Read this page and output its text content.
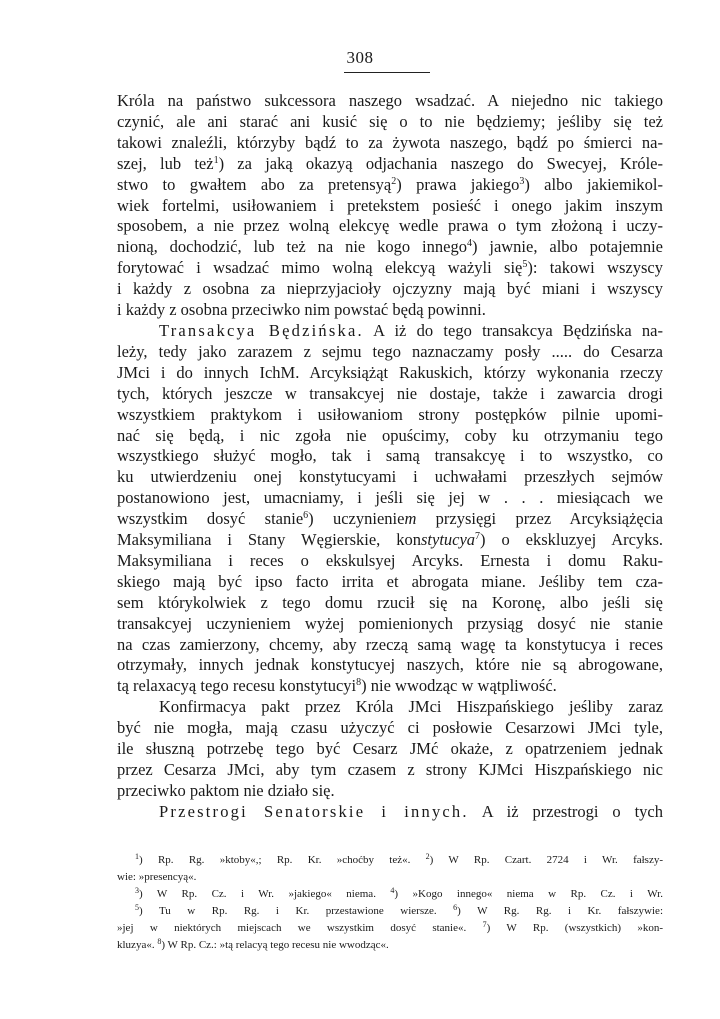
308
Króla na państwo sukcessora naszego wsadzać. A niejedno nic takiego
czynić, ale ani starać ani kusić się o to nie będziemy; jeśliby się też
takowi znaleźli, którzyby bądź to za żywota naszego, bądź po śmierci na-
szej, lub też$^1$) za jaką okazyą odjachania naszego do Swecyej, Króle-
stwo to gwałtem abo za pretensyą$^2$) prawa jakiego$^3$) albo jakiemikol-
wiek fortelmi, usiłowaniem i pretekstem posieść i onego jakim inszym
sposobem, a nie przez wolną elekcyę wedle prawa o tym złożoną i uczy-
nioną, dochodzić, lub też na nie kogo innego$^4$) jawnie, albo potajemnie
forytować i wsadzać mimo wolną elekcyą ważyli się$^5$): takowi wszyscy
i każdy z osobna za nieprzyjacioły ojczyzny mają być miani i wszyscy
i każdy z osobna przeciwko nim powstać będą powinni.
Transakcya Będzińska. A iż do tego transakcya Będzińska na-
leży, tedy jako zarazem z sejmu tego naznaczamy posły ..... do Cesarza
JMci i do innych IchM. Arcyksiążąt Rakuskich, którzy wykonania rzeczy
tych, których jeszcze w transakcyej nie dostaje, także i zawarcia drogi
wszystkiem praktykom i usiłowaniom strony postępków pilnie upomi-
nać się będą, i nic zgoła nie opuścimy, coby ku otrzymaniu tego
wszystkiego służyć mogło, tak i samą transakcyę i to wszystko, co
ku utwierdzeniu onej konstytucyami i uchwałami przeszłych sejmów
postanowiono jest, umacniamy, i jeśli się jej w . . . miesiącach we
wszystkim dosyć stanie$^6$) uczynieniem przysięgi przez Arcyksiążęcia
Maksymiliana i Stany Węgierskie, konstytucya$^7$) o ekskluzyej Arcyks.
Maksymiliana i reces o ekskulsyej Arcyks. Ernesta i domu Raku-
skiego mają być ipso facto irrita et abrogata miane. Jeśliby tem cza-
sem którykolwiek z tego domu rzucił się na Koronę, albo jeśli się
transakcyej uczynieniem wyżej pomienionych przysiąg dosyć nie stanie
na czas zamierzony, chcemy, aby rzeczą samą wagę ta konstytucya i reces
otrzymały, innych jednak konstytucyej naszych, które nie są abrogowane,
tą relaxacyą tego recesu konstytucyi$^8$) nie wwodząc w wątpliwość.
Konfirmacya pakt przez Króla JMci Hiszpańskiego jeśliby zaraz
być nie mogła, mają czasu użyczyć ci posłowie Cesarzowi JMci tyle,
ile słuszną potrzebę tego być Cesarz JMć okaże, z opatrzeniem jednak
przez Cesarza JMci, aby tym czasem z strony KJMci Hiszpańskiego nic
przeciwko paktom nie działo się.
Przestrogi Senatorskie i innych. A iż przestrogi o tych
$^1$) Rp. Rg. »ktoby«,; Rp. Kr. »choćby też«. $^2$) W Rp. Czart. 2724 i Wr. fałszy-
wie: »presencyą«.
$^3$) W Rp. Cz. i Wr. »jakiego« niema. $^4$) »Kogo innego« niema w Rp. Cz. i Wr.
$^5$) Tu w Rp. Rg. i Kr. przestawione wiersze. $^6$) W Rg. Rg. i Kr. fałszywie:
»jej w niektórych miejscach we wszystkim dosyć stanie«. $^7$) W Rp. (wszystkich) »kon-
kluzya«. $^8$) W Rp. Cz.: »tą relacyą tego recesu nie wwodząc«.
